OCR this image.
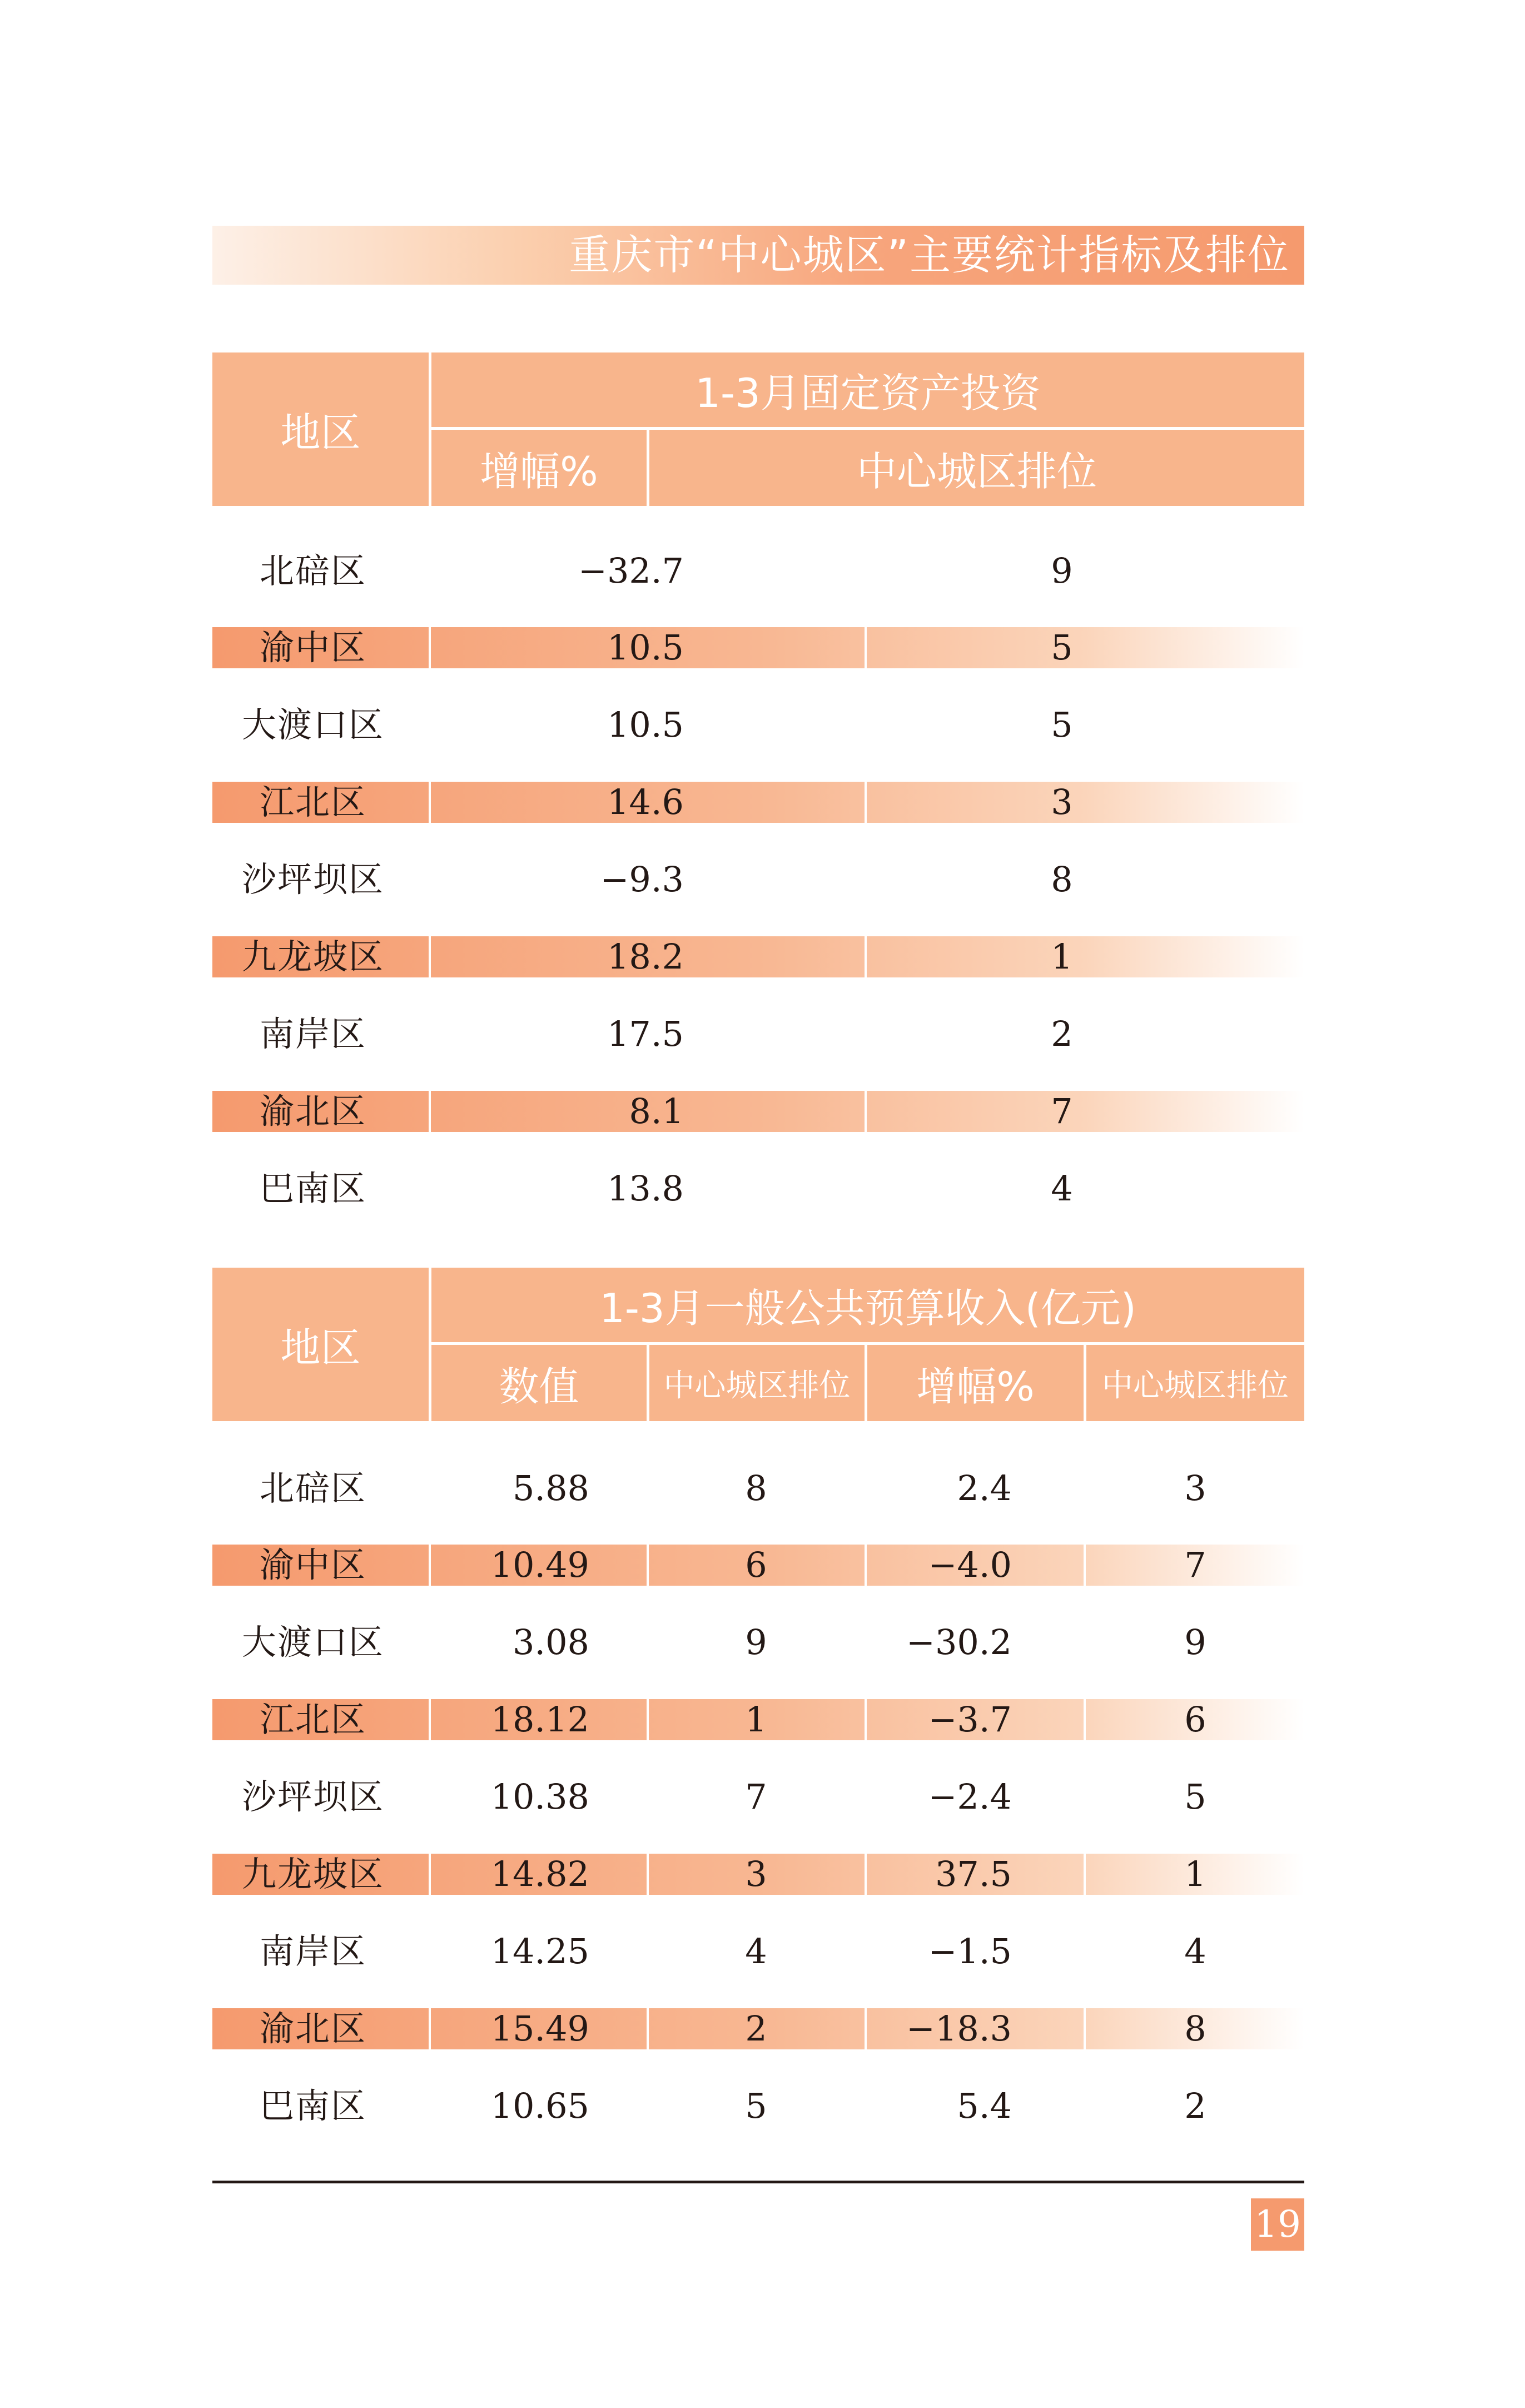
重庆市“中心城区”主要统计指标及排位
地区
1-3月固定资产投资
增幅%	中心城区排位
北碚区	−32.7	9
渝中区	10.5	5
大渡口区	10.5	5
江北区	14.6	3
沙坪坝区	−9.3	8
九龙坡区	18.2	1
南岸区	17.5	2
渝北区	8.1	7
巴南区	13.8	4
地区
1-3月一般公共预算收入(亿元)
数值	中心城区排位	增幅%	中心城区排位
北碚区	5.88	8	2.4	3
渝中区	10.49	6	−4.0	7
大渡口区	3.08	9	−30.2	9
江北区	18.12	1	−3.7	6
沙坪坝区	10.38	7	−2.4	5
九龙坡区	14.82	3	37.5	1
南岸区	14.25	4	−1.5	4
渝北区	15.49	2	−18.3	8
巴南区	10.65	5	5.4	2
19
